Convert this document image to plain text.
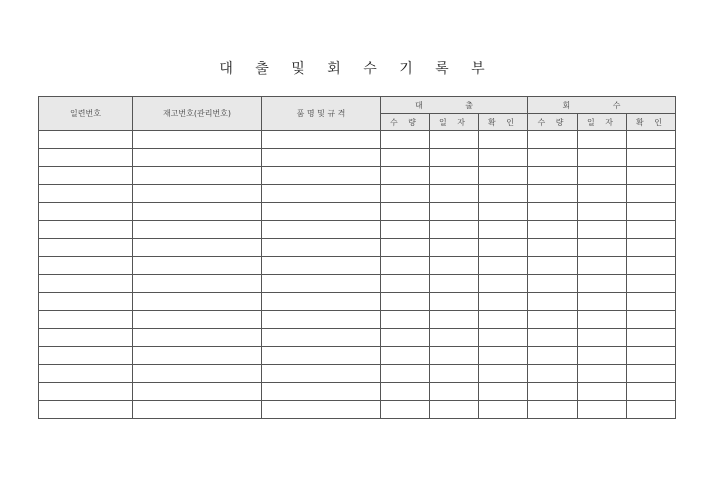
대 출 및 회 수 기 록 부
일련번호	재고번호(관리번호)	품 명 및 규 격	대 출			회 수		
			수 량	일 자	확 인	수 량	일 자	확 인
